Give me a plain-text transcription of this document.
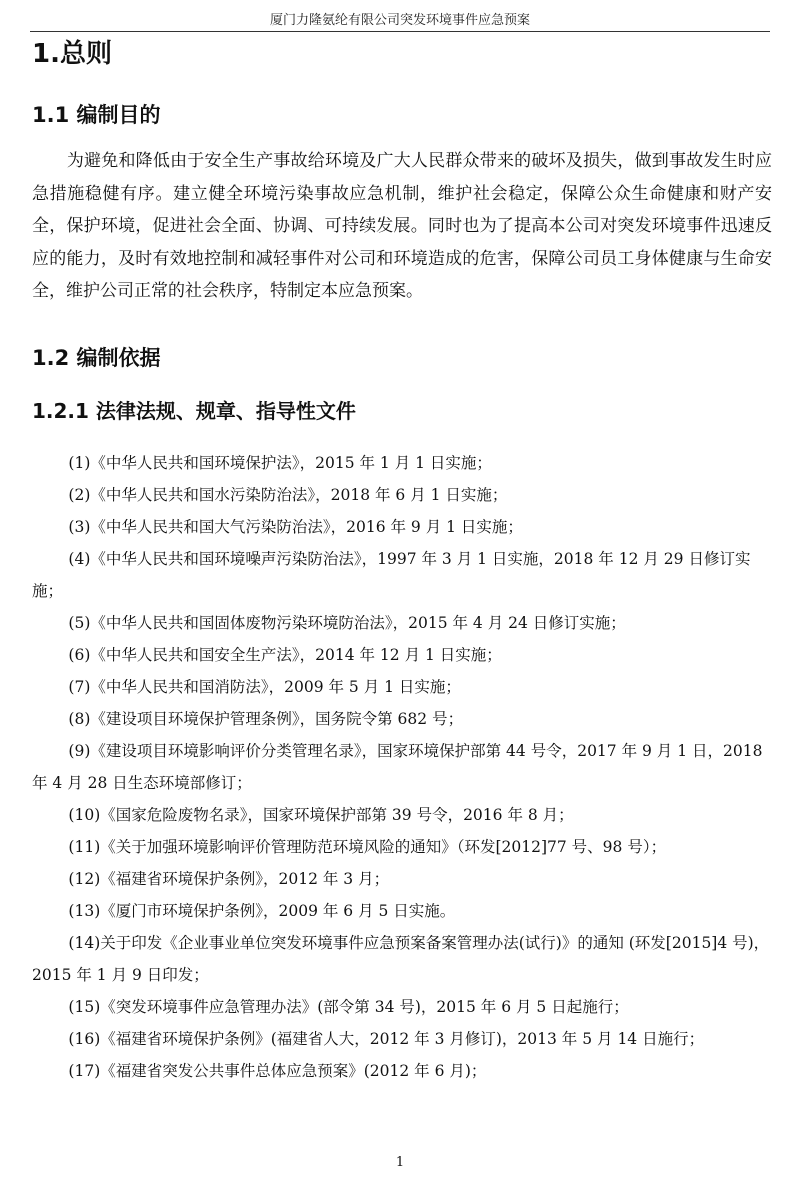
厦门力隆氨纶有限公司突发环境事件应急预案
1.总则
1.1 编制目的

为避免和降低由于安全生产事故给环境及广大人民群众带来的破坏及损失，做到事故发生时应急措施稳健有序。建立健全环境污染事故应急机制，维护社会稳定，保障公众生命健康和财产安全，保护环境，促进社会全面、协调、可持续发展。同时也为了提高本公司对突发环境事件迅速反应的能力，及时有效地控制和减轻事件对公司和环境造成的危害，保障公司员工身体健康与生命安全，维护公司正常的社会秩序，特制定本应急预案。

1.2 编制依据
1.2.1 法律法规、规章、指导性文件
(1)《中华人民共和国环境保护法》，2015 年 1 月 1 日实施；
(2)《中华人民共和国水污染防治法》，2018 年 6 月 1 日实施；
(3)《中华人民共和国大气污染防治法》，2016 年 9 月 1 日实施；
(4)《中华人民共和国环境噪声污染防治法》，1997 年 3 月 1 日实施，2018 年 12 月 29 日修订实施；
(5)《中华人民共和国固体废物污染环境防治法》，2015 年 4 月 24 日修订实施；
(6)《中华人民共和国安全生产法》，2014 年 12 月 1 日实施；
(7)《中华人民共和国消防法》，2009 年 5 月 1 日实施；
(8)《建设项目环境保护管理条例》，国务院令第 682 号；
(9)《建设项目环境影响评价分类管理名录》，国家环境保护部第 44 号令，2017 年 9 月 1 日，2018 年 4 月 28 日生态环境部修订；
(10)《国家危险废物名录》，国家环境保护部第 39 号令，2016 年 8 月；
(11)《关于加强环境影响评价管理防范环境风险的通知》（环发[2012]77 号、98 号）；
(12)《福建省环境保护条例》，2012 年 3 月；
(13)《厦门市环境保护条例》，2009 年 6 月 5 日实施。
(14)关于印发《企业事业单位突发环境事件应急预案备案管理办法(试行)》的通知 (环发[2015]4 号)，2015 年 1 月 9 日印发；
(15)《突发环境事件应急管理办法》(部令第 34 号)，2015 年 6 月 5 日起施行；
(16)《福建省环境保护条例》(福建省人大，2012 年 3 月修订)，2013 年 5 月 14 日施行；
(17)《福建省突发公共事件总体应急预案》(2012 年 6 月)；
1
